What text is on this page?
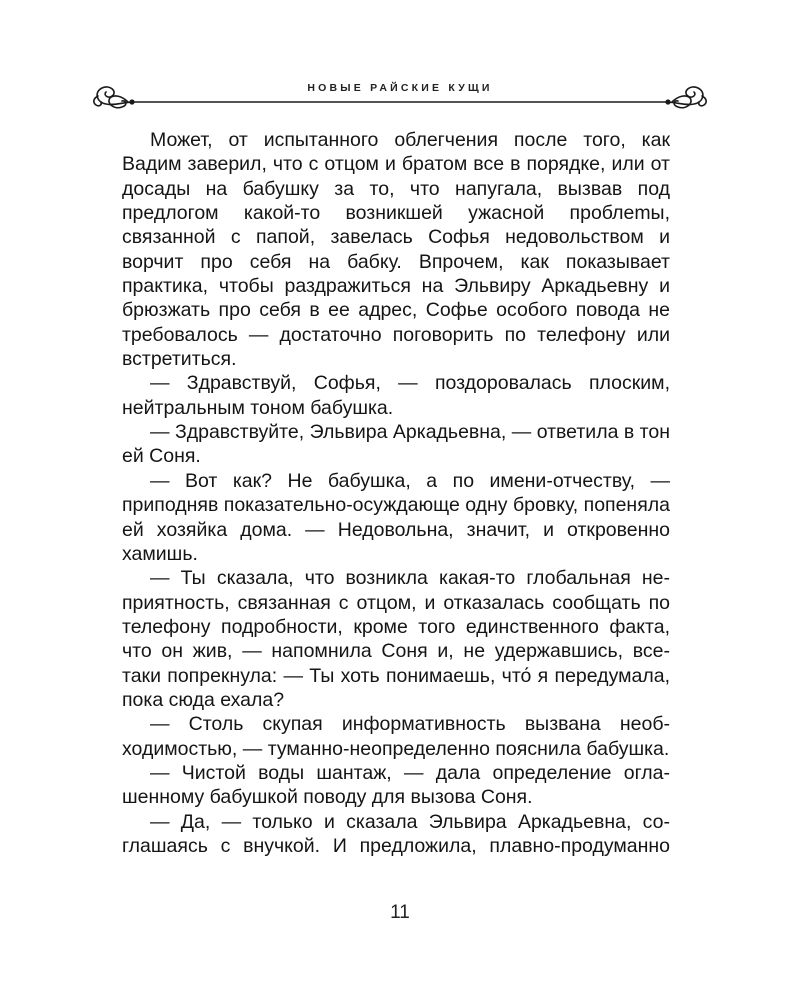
НОВЫЕ РАЙСКИЕ КУЩИ

Может, от испытанного облегчения после того, как Вадим заверил, что с отцом и братом все в порядке, или от досады на бабушку за то, что напугала, вызвав под предлогом какой-то возникшей ужасной проблеmы, связанной с папой, завелась Софья недовольством и ворчит про себя на бабку. Впрочем, как показывает практика, чтобы раздражиться на Эльвиру Аркадьевну и брюзжать про себя в ее адрес, Софье особого повода не требовалось — достаточно поговорить по телефону или встретиться.

— Здравствуй, Софья, — поздоровалась плоским, нейтральным тоном бабушка.

— Здравствуйте, Эльвира Аркадьевна, — ответила в тон ей Соня.

— Вот как? Не бабушка, а по имени-отчеству, — приподняв показательно-осуждающе одну бровку, попеняла ей хозяйка дома. — Недовольна, значит, и откровенно хамишь.

— Ты сказала, что возникла какая-то глобальная неприятность, связанная с отцом, и отказалась сообщать по телефону подробности, кроме того единственного факта, что он жив, — напомнила Соня и, не удержавшись, все-таки попрекнула: — Ты хоть понимаешь, что́ я передумала, пока сюда ехала?

— Столь скупая информативность вызвана необходимостью, — туманно-неопределенно пояснила бабушка.

— Чистой воды шантаж, — дала определение оглашенному бабушкой поводу для вызова Соня.

— Да, — только и сказала Эльвира Аркадьевна, соглашаясь с внучкой. И предложила, плавно-продуманно

11
